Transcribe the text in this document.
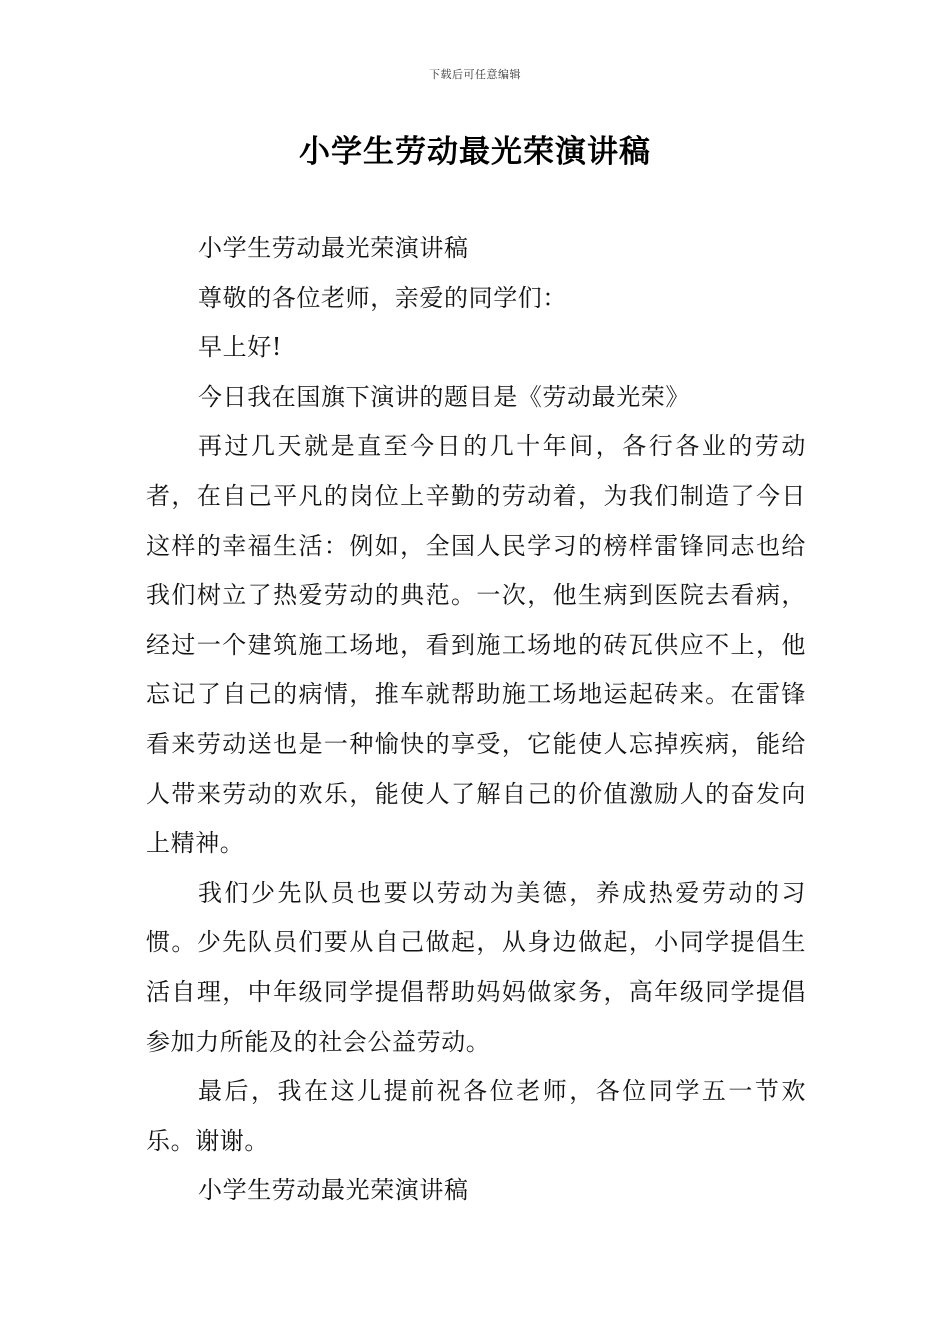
下载后可任意编辑
小学生劳动最光荣演讲稿

小学生劳动最光荣演讲稿

尊敬的各位老师，亲爱的同学们：

早上好!

今日我在国旗下演讲的题目是《劳动最光荣》

再过几天就是直至今日的几十年间，各行各业的劳动者，在自己平凡的岗位上辛勤的劳动着，为我们制造了今日这样的幸福生活：例如，全国人民学习的榜样雷锋同志也给我们树立了热爱劳动的典范。一次，他生病到医院去看病，经过一个建筑施工场地，看到施工场地的砖瓦供应不上，他忘记了自己的病情，推车就帮助施工场地运起砖来。在雷锋看来劳动送也是一种愉快的享受，它能使人忘掉疾病，能给人带来劳动的欢乐，能使人了解自己的价值激励人的奋发向上精神。

我们少先队员也要以劳动为美德，养成热爱劳动的习惯。少先队员们要从自己做起，从身边做起，小同学提倡生活自理，中年级同学提倡帮助妈妈做家务，高年级同学提倡参加力所能及的社会公益劳动。

最后，我在这儿提前祝各位老师，各位同学五一节欢乐。谢谢。

小学生劳动最光荣演讲稿
